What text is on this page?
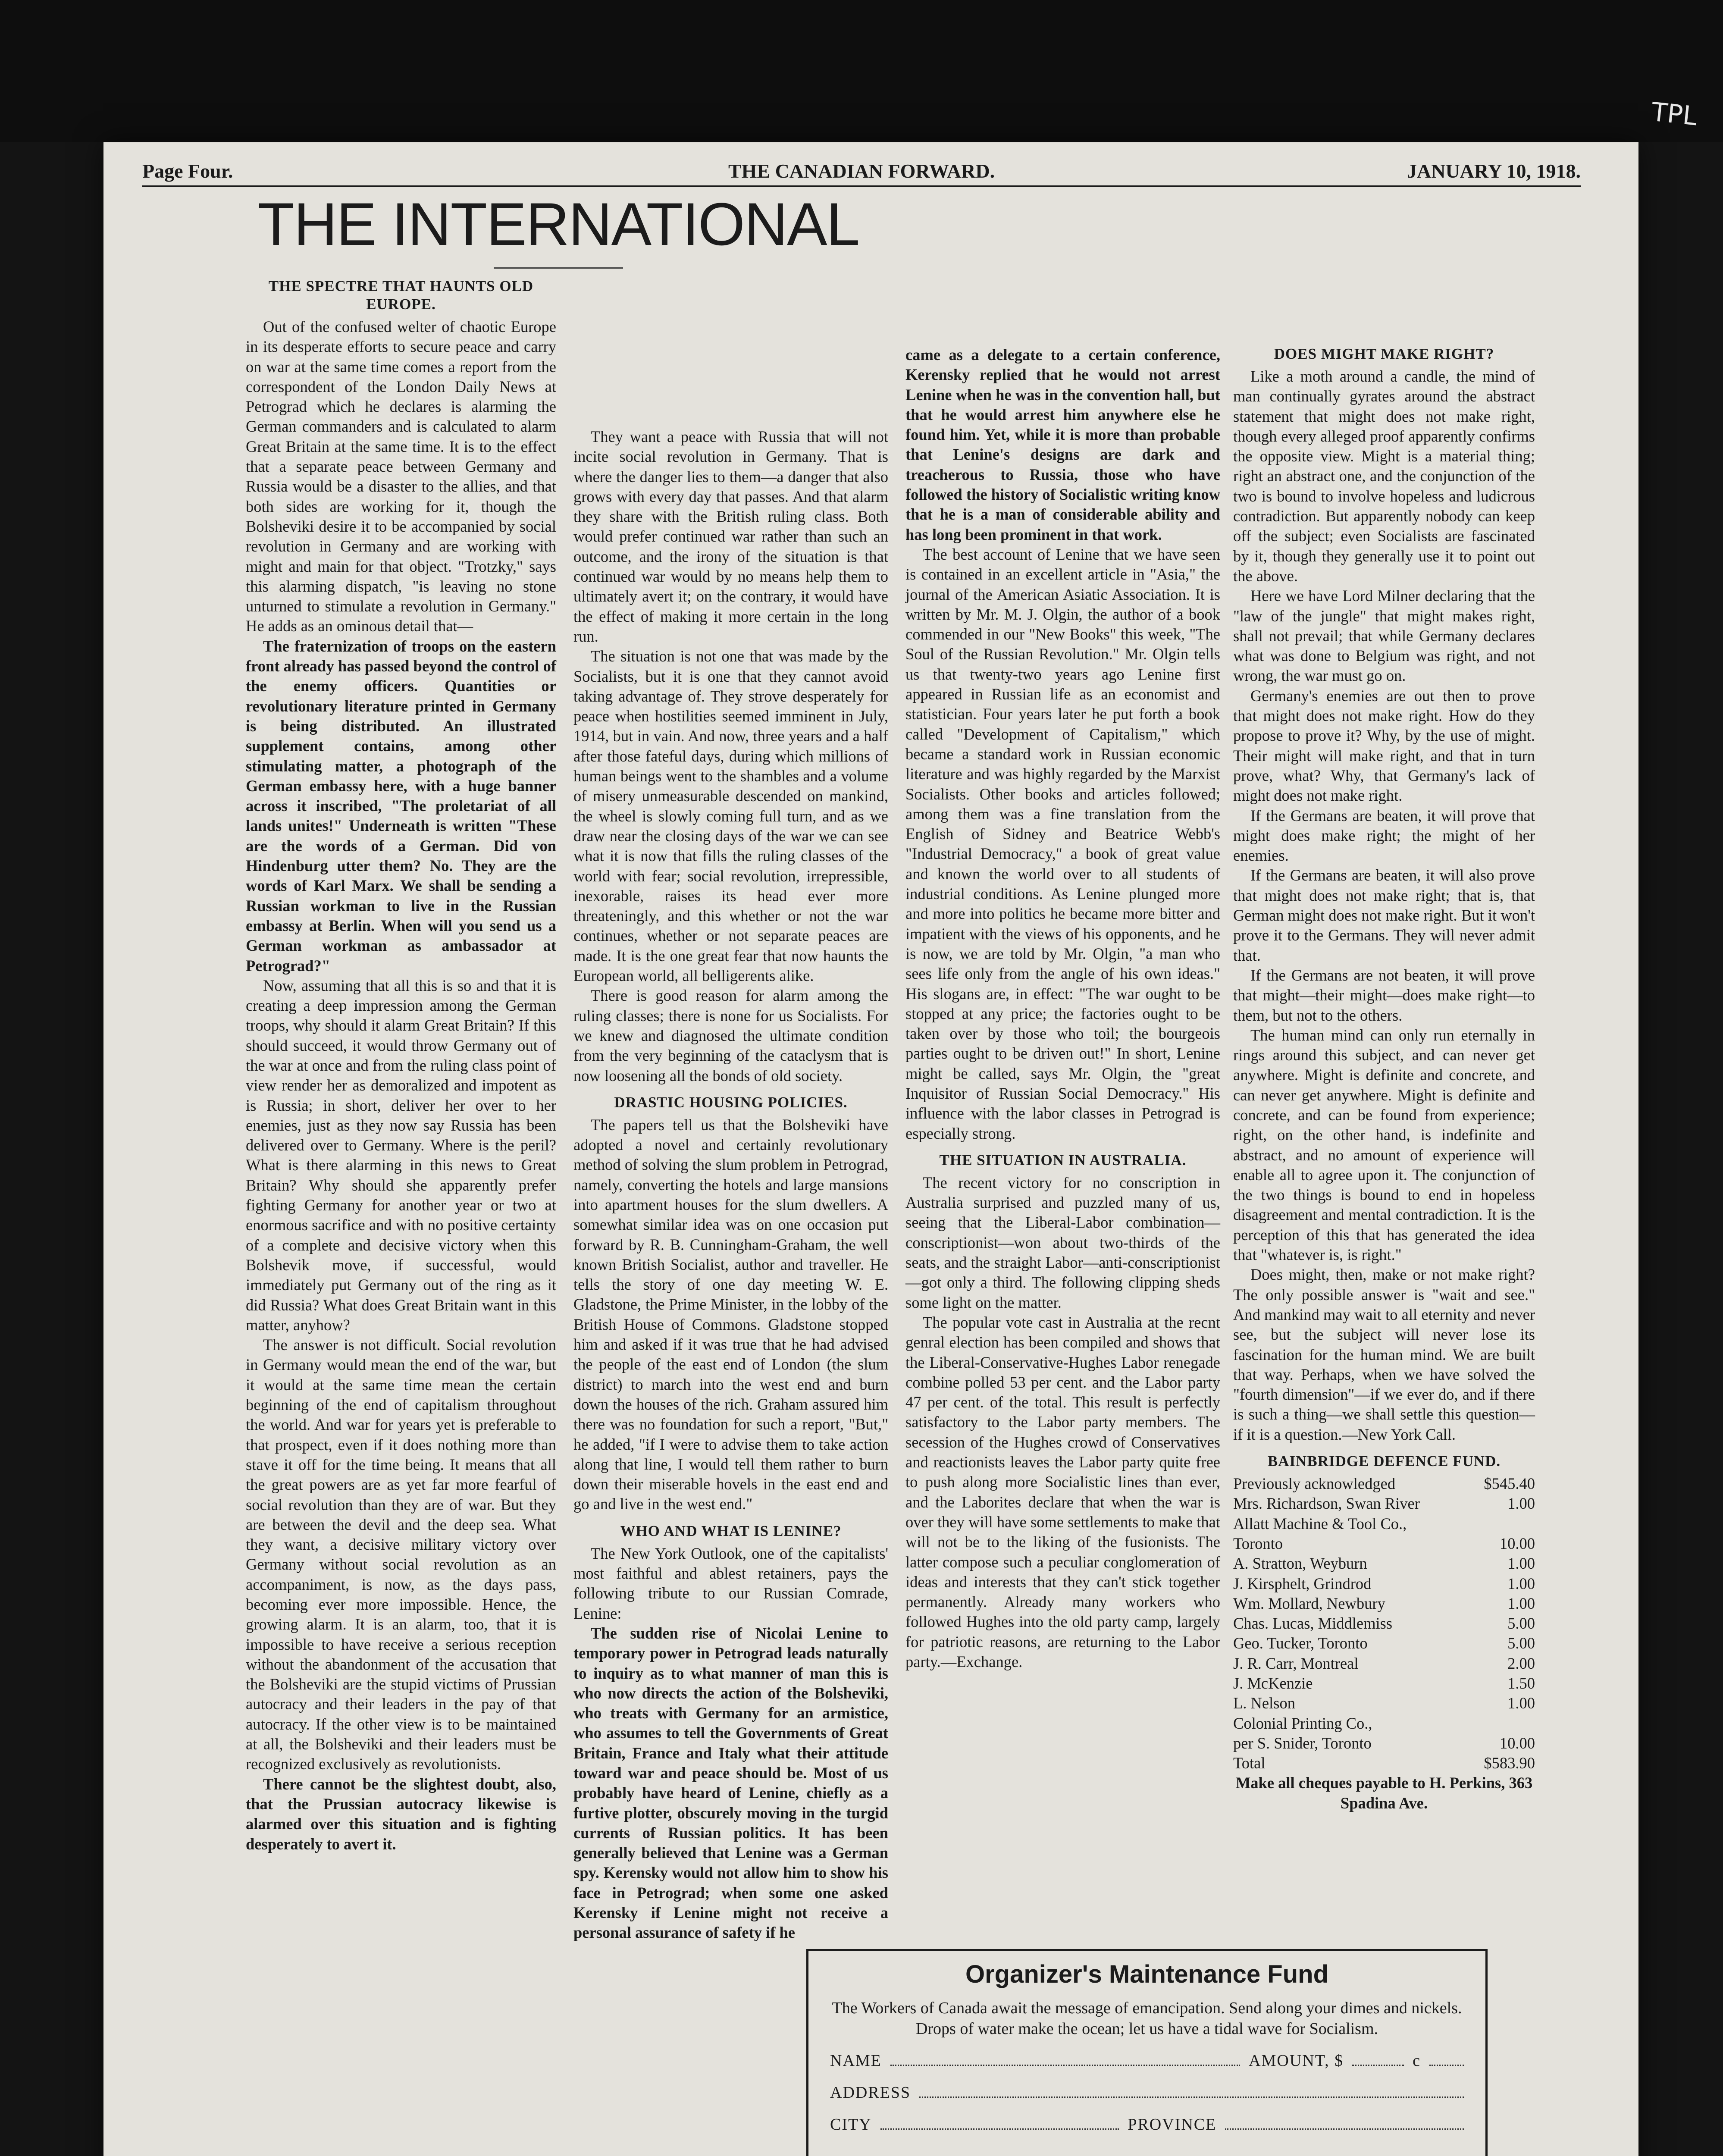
TPL
Page Four.	THE CANADIAN FORWARD.	JANUARY 10, 1918.
THE INTERNATIONAL
THE SPECTRE THAT HAUNTS OLD EUROPE.

Out of the confused welter of chaotic Europe in its desperate efforts to secure peace and carry on war at the same time comes a report from the correspondent of the London Daily News at Petrograd which he declares is alarming the German commanders and is calculated to alarm Great Britain at the same time. It is to the effect that a separate peace between Germany and Russia would be a disaster to the allies, and that both sides are working for it, though the Bolsheviki desire it to be accompanied by social revolution in Germany and are working with might and main for that object. "Trotzky," says this alarming dispatch, "is leaving no stone unturned to stimulate a revolution in Germany." He adds as an ominous detail that—

The fraternization of troops on the eastern front already has passed beyond the control of the enemy officers. Quantities or revolutionary literature printed in Germany is being distributed. An illustrated supplement contains, among other stimulating matter, a photograph of the German embassy here, with a huge banner across it inscribed, "The proletariat of all lands unites!" Underneath is written "These are the words of a German. Did von Hindenburg utter them? No. They are the words of Karl Marx. We shall be sending a Russian workman to live in the Russian embassy at Berlin. When will you send us a German workman as ambassador at Petrograd?"

Now, assuming that all this is so and that it is creating a deep impression among the German troops, why should it alarm Great Britain? If this should succeed, it would throw Germany out of the war at once and from the ruling class point of view render her as demoralized and impotent as is Russia; in short, deliver her over to her enemies, just as they now say Russia has been delivered over to Germany. Where is the peril? What is there alarming in this news to Great Britain? Why should she apparently prefer fighting Germany for another year or two at enormous sacrifice and with no positive certainty of a complete and decisive victory when this Bolshevik move, if successful, would immediately put Germany out of the ring as it did Russia? What does Great Britain want in this matter, anyhow?

The answer is not difficult. Social revolution in Germany would mean the end of the war, but it would at the same time mean the certain beginning of the end of capitalism throughout the world. And war for years yet is preferable to that prospect, even if it does nothing more than stave it off for the time being. It means that all the great powers are as yet far more fearful of social revolution than they are of war. But they are between the devil and the deep sea. What they want, a decisive military victory over Germany without social revolution as an accompaniment, is now, as the days pass, becoming ever more impossible. Hence, the growing alarm. It is an alarm, too, that it is impossible to have receive a serious reception without the abandonment of the accusation that the Bolsheviki are the stupid victims of Prussian autocracy and their leaders in the pay of that autocracy. If the other view is to be maintained at all, the Bolsheviki and their leaders must be recognized exclusively as revolutionists.

There cannot be the slightest doubt, also, that the Prussian autocracy likewise is alarmed over this situation and is fighting desperately to avert it.

They want a peace with Russia that will not incite social revolution in Germany. That is where the danger lies to them—a danger that also grows with every day that passes. And that alarm they share with the British ruling class. Both would prefer continued war rather than such an outcome, and the irony of the situation is that continued war would by no means help them to ultimately avert it; on the contrary, it would have the effect of making it more certain in the long run.

The situation is not one that was made by the Socialists, but it is one that they cannot avoid taking advantage of. They strove desperately for peace when hostilities seemed imminent in July, 1914, but in vain. And now, three years and a half after those fateful days, during which millions of human beings went to the shambles and a volume of misery unmeasurable descended on mankind, the wheel is slowly coming full turn, and as we draw near the closing days of the war we can see what it is now that fills the ruling classes of the world with fear; social revolution, irrepressible, inexorable, raises its head ever more threateningly, and this whether or not the war continues, whether or not separate peaces are made. It is the one great fear that now haunts the European world, all belligerents alike.

There is good reason for alarm among the ruling classes; there is none for us Socialists. For we knew and diagnosed the ultimate condition from the very beginning of the cataclysm that is now loosening all the bonds of old society.

DRASTIC HOUSING POLICIES.

The papers tell us that the Bolsheviki have adopted a novel and certainly revolutionary method of solving the slum problem in Petrograd, namely, converting the hotels and large mansions into apartment houses for the slum dwellers. A somewhat similar idea was on one occasion put forward by R. B. Cunningham-Graham, the well known British Socialist, author and traveller. He tells the story of one day meeting W. E. Gladstone, the Prime Minister, in the lobby of the British House of Commons. Gladstone stopped him and asked if it was true that he had advised the people of the east end of London (the slum district) to march into the west end and burn down the houses of the rich. Graham assured him there was no foundation for such a report, "But," he added, "if I were to advise them to take action along that line, I would tell them rather to burn down their miserable hovels in the east end and go and live in the west end."

WHO AND WHAT IS LENINE?

The New York Outlook, one of the capitalists' most faithful and ablest retainers, pays the following tribute to our Russian Comrade, Lenine:

The sudden rise of Nicolai Lenine to temporary power in Petrograd leads naturally to inquiry as to what manner of man this is who now directs the action of the Bolsheviki, who treats with Germany for an armistice, who assumes to tell the Governments of Great Britain, France and Italy what their attitude toward war and peace should be. Most of us probably have heard of Lenine, chiefly as a furtive plotter, obscurely moving in the turgid currents of Russian politics. It has been generally believed that Lenine was a German spy. Kerensky would not allow him to show his face in Petrograd; when some one asked Kerensky if Lenine might not receive a personal assurance of safety if he

came as a delegate to a certain conference, Kerensky replied that he would not arrest Lenine when he was in the convention hall, but that he would arrest him anywhere else he found him. Yet, while it is more than probable that Lenine's designs are dark and treacherous to Russia, those who have followed the history of Socialistic writing know that he is a man of considerable ability and has long been prominent in that work.

The best account of Lenine that we have seen is contained in an excellent article in "Asia," the journal of the American Asiatic Association. It is written by Mr. M. J. Olgin, the author of a book commended in our "New Books" this week, "The Soul of the Russian Revolution." Mr. Olgin tells us that twenty-two years ago Lenine first appeared in Russian life as an economist and statistician. Four years later he put forth a book called "Development of Capitalism," which became a standard work in Russian economic literature and was highly regarded by the Marxist Socialists. Other books and articles followed; among them was a fine translation from the English of Sidney and Beatrice Webb's "Industrial Democracy," a book of great value and known the world over to all students of industrial conditions. As Lenine plunged more and more into politics he became more bitter and impatient with the views of his opponents, and he is now, we are told by Mr. Olgin, "a man who sees life only from the angle of his own ideas." His slogans are, in effect: "The war ought to be stopped at any price; the factories ought to be taken over by those who toil; the bourgeois parties ought to be driven out!" In short, Lenine might be called, says Mr. Olgin, the "great Inquisitor of Russian Social Democracy." His influence with the labor classes in Petrograd is especially strong.

THE SITUATION IN AUSTRALIA.

The recent victory for no conscription in Australia surprised and puzzled many of us, seeing that the Liberal-Labor combination—conscriptionist—won about two-thirds of the seats, and the straight Labor—anti-conscriptionist—got only a third. The following clipping sheds some light on the matter.

The popular vote cast in Australia at the recnt genral election has been compiled and shows that the Liberal-Conservative-Hughes Labor renegade combine polled 53 per cent. and the Labor party 47 per cent. of the total. This result is perfectly satisfactory to the Labor party members. The secession of the Hughes crowd of Conservatives and reactionists leaves the Labor party quite free to push along more Socialistic lines than ever, and the Laborites declare that when the war is over they will have some settlements to make that will not be to the liking of the fusionists. The latter compose such a peculiar conglomeration of ideas and interests that they can't stick together permanently. Already many workers who followed Hughes into the old party camp, largely for patriotic reasons, are returning to the Labor party.—Exchange.

DOES MIGHT MAKE RIGHT?

Like a moth around a candle, the mind of man continually gyrates around the abstract statement that might does not make right, though every alleged proof apparently confirms the opposite view. Might is a material thing; right an abstract one, and the conjunction of the two is bound to involve hopeless and ludicrous contradiction. But apparently nobody can keep off the subject; even Socialists are fascinated by it, though they generally use it to point out the above.

Here we have Lord Milner declaring that the "law of the jungle" that might makes right, shall not prevail; that while Germany declares what was done to Belgium was right, and not wrong, the war must go on.

Germany's enemies are out then to prove that might does not make right. How do they propose to prove it? Why, by the use of might. Their might will make right, and that in turn prove, what? Why, that Germany's lack of might does not make right.

If the Germans are beaten, it will prove that might does make right; the might of her enemies.

If the Germans are beaten, it will also prove that might does not make right; that is, that German might does not make right. But it won't prove it to the Germans. They will never admit that.

If the Germans are not beaten, it will prove that might—their might—does make right—to them, but not to the others.

The human mind can only run eternally in rings around this subject, and can never get anywhere. Might is definite and concrete, and can never get anywhere. Might is definite and concrete, and can be found from experience; right, on the other hand, is indefinite and abstract, and no amount of experience will enable all to agree upon it. The conjunction of the two things is bound to end in hopeless disagreement and mental contradiction. It is the perception of this that has generated the idea that "whatever is, is right."

Does might, then, make or not make right? The only possible answer is "wait and see." And mankind may wait to all eternity and never see, but the subject will never lose its fascination for the human mind. We are built that way. Perhaps, when we have solved the "fourth dimension"—if we ever do, and if there is such a thing—we shall settle this question—if it is a question.—New York Call.

BAINBRIDGE DEFENCE FUND.
Previously acknowledged	$545.40
Mrs. Richardson, Swan River	1.00
Allatt Machine & Tool Co.,
Toronto	10.00
A. Stratton, Weyburn	1.00
J. Kirsphelt, Grindrod	1.00
Wm. Mollard, Newbury	1.00
Chas. Lucas, Middlemiss	5.00
Geo. Tucker, Toronto	5.00
J. R. Carr, Montreal	2.00
J. McKenzie	1.50
L. Nelson	1.00
Colonial Printing Co.,
per S. Snider, Toronto	10.00
Total	$583.90

Make all cheques payable to H. Perkins, 363 Spadina Ave.

Organizer's Maintenance Fund
The Workers of Canada await the message of emancipation. Send along your dimes and nickels. Drops of water make the ocean; let us have a tidal wave for Socialism.
NAME	AMOUNT, $	c
ADDRESS
CITY	PROVINCE
